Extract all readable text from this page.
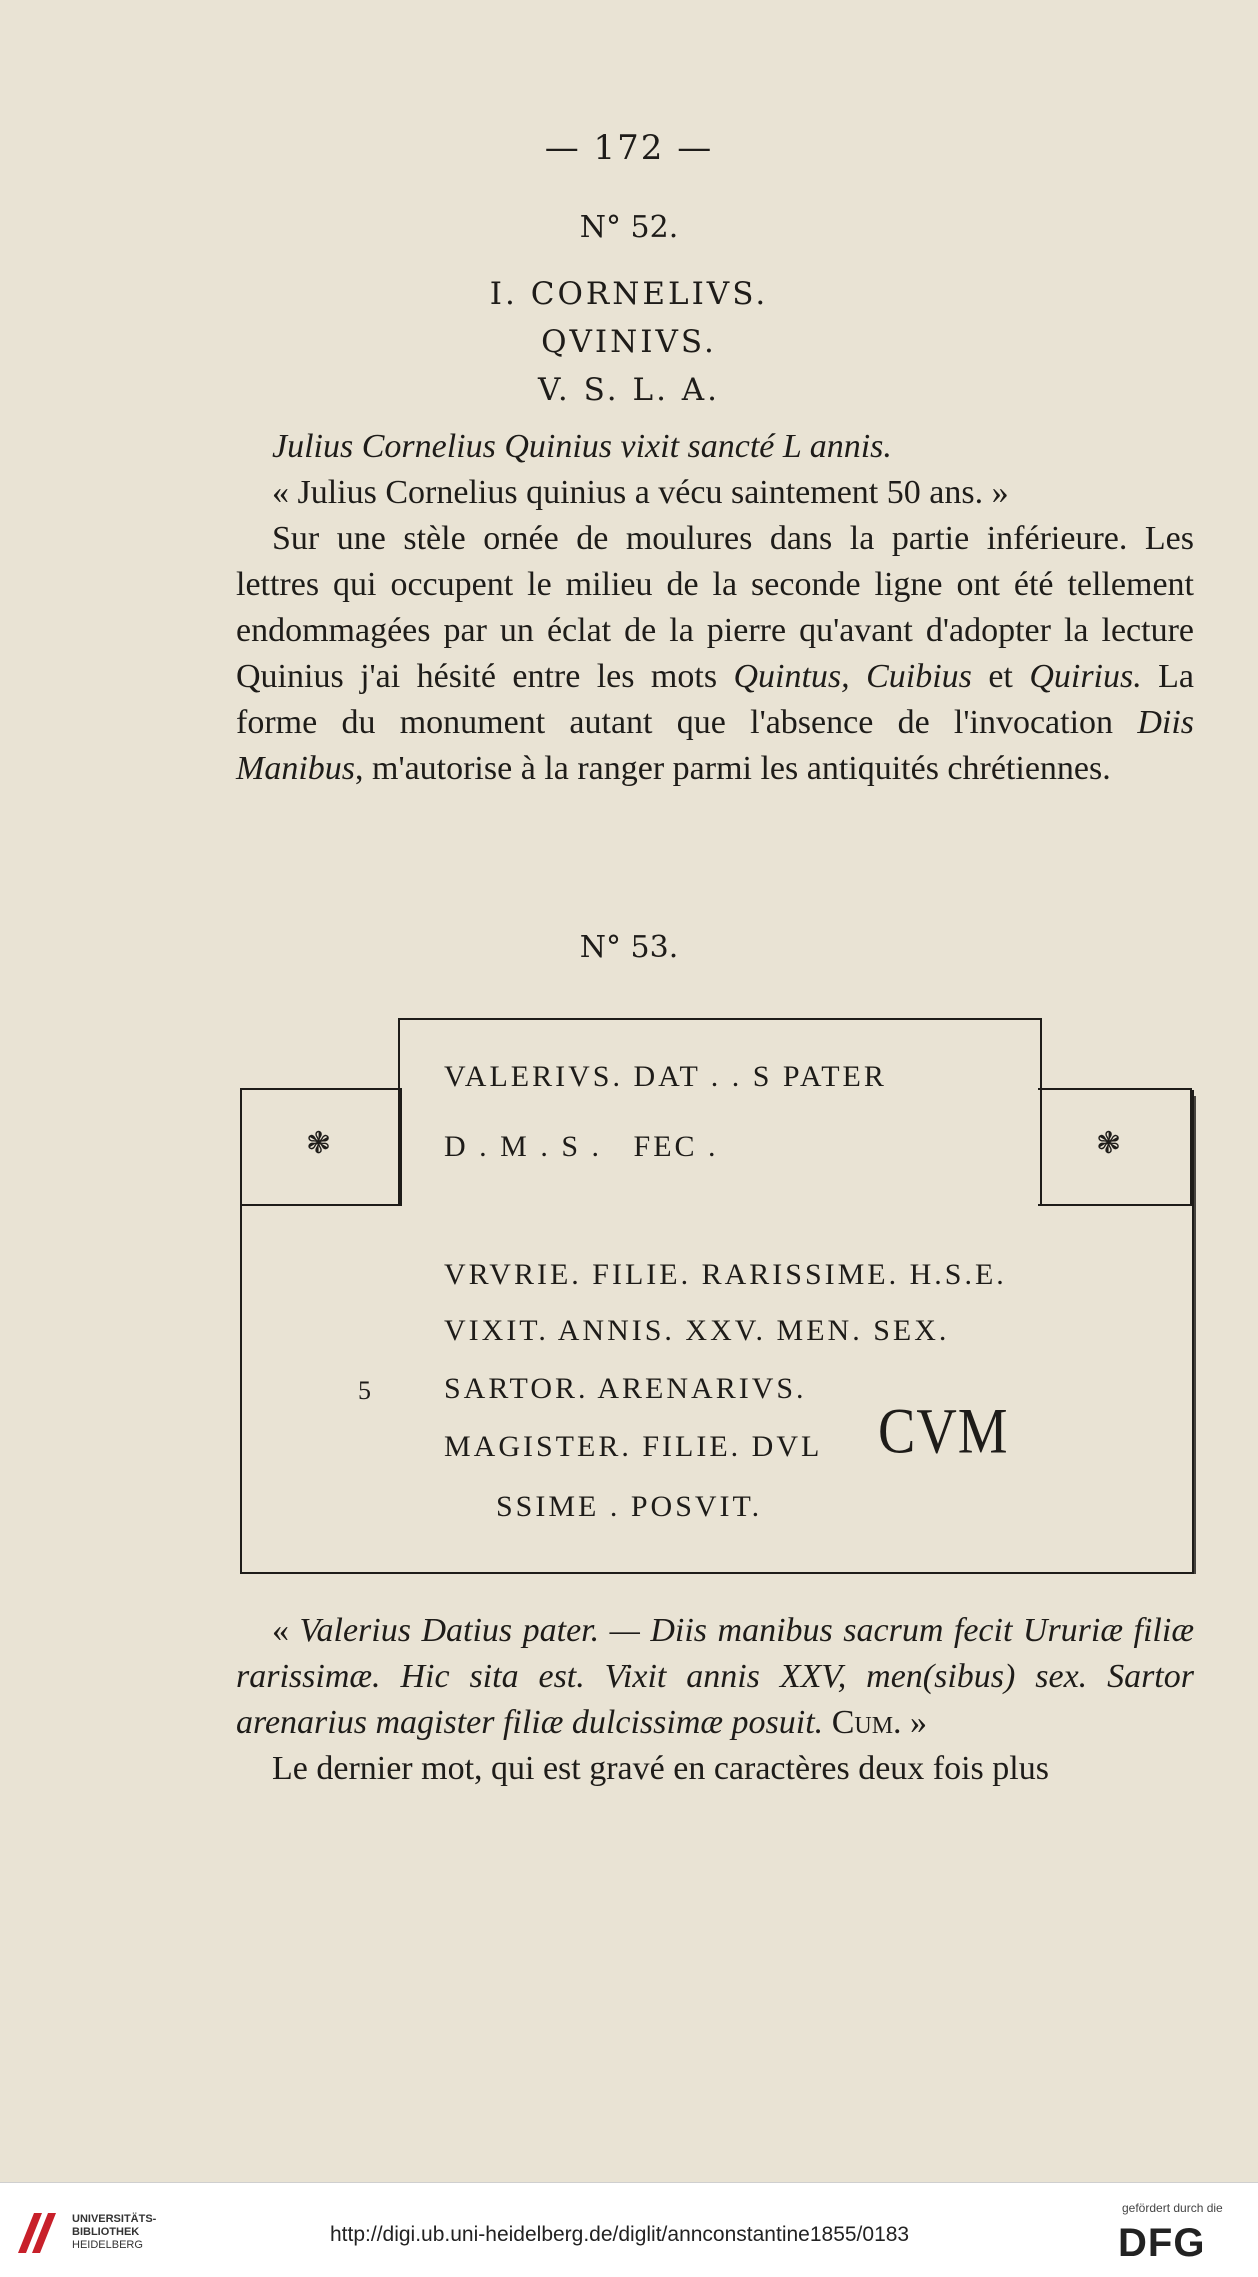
— 172 —
N° 52.
I. CORNELIVS.
QVINIVS.
V. S. L. A.

Julius Cornelius Quinius vixit sancté L annis.

« Julius Cornelius quinius a vécu saintement 50 ans. »

Sur une stèle ornée de moulures dans la partie inférieure. Les lettres qui occupent le milieu de la seconde ligne ont été tellement endommagées par un éclat de la pierre qu'avant d'adopter la lecture Quinius j'ai hésité entre les mots Quintus, Cuibius et Quirius. La forme du monument autant que l'absence de l'invocation Diis Manibus, m'autorise à la ranger parmi les antiquités chrétiennes.

N° 53.
❃	❃
VALERIVS. DAT . . S PATER
D . M . S .   FEC .
VRVRIE. FILIE. RARISSIME. H.S.E.
VIXIT. ANNIS. XXV. MEN. SEX.
5 SARTOR. ARENARIVS.
MAGISTER. FILIE. DVL
SSIME . POSVIT.
CVM

« Valerius Datius pater. — Diis manibus sacrum fecit Ururiæ filiæ rarissimæ. Hic sita est. Vixit annis XXV, men(sibus) sex. Sartor arenarius magister filiæ dulcissimæ posuit. Cum. »

Le dernier mot, qui est gravé en caractères deux fois plus

UNIVERSITÄTS-
BIBLIOTHEK
HEIDELBERG	http://digi.ub.uni-heidelberg.de/diglit/annconstantine1855/0183
gefördert durch die
DFG
